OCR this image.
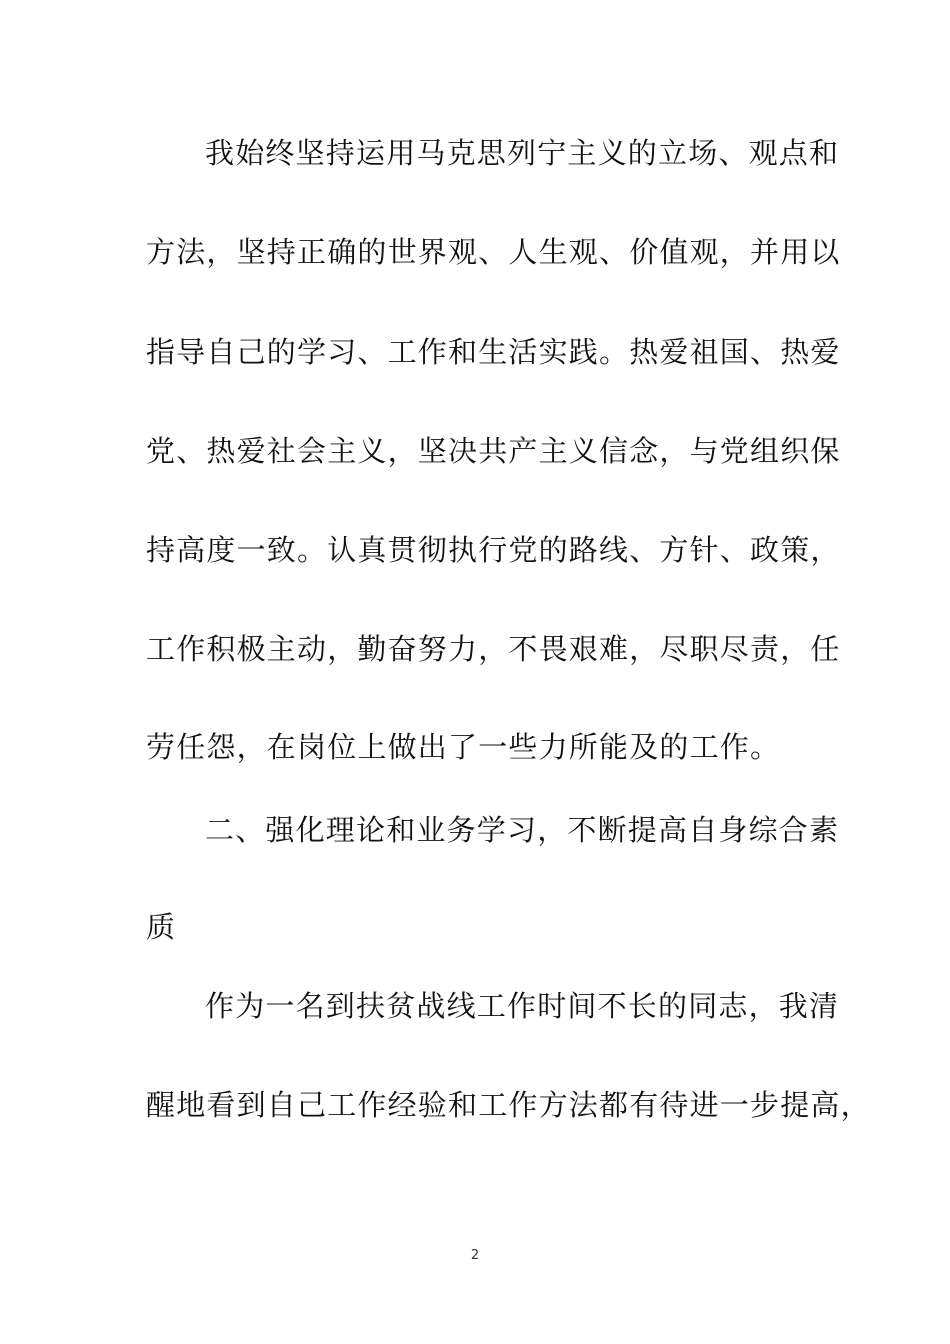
我始终坚持运用马克思列宁主义的立场、观点和
方法，坚持正确的世界观、人生观、价值观，并用以
指导自己的学习、工作和生活实践。热爱祖国、热爱
党、热爱社会主义，坚决共产主义信念，与党组织保
持高度一致。认真贯彻执行党的路线、方针、政策，
工作积极主动，勤奋努力，不畏艰难，尽职尽责，任
劳任怨，在岗位上做出了一些力所能及的工作。
二、强化理论和业务学习，不断提高自身综合素
质
作为一名到扶贫战线工作时间不长的同志，我清
醒地看到自己工作经验和工作方法都有待进一步提高，
2
